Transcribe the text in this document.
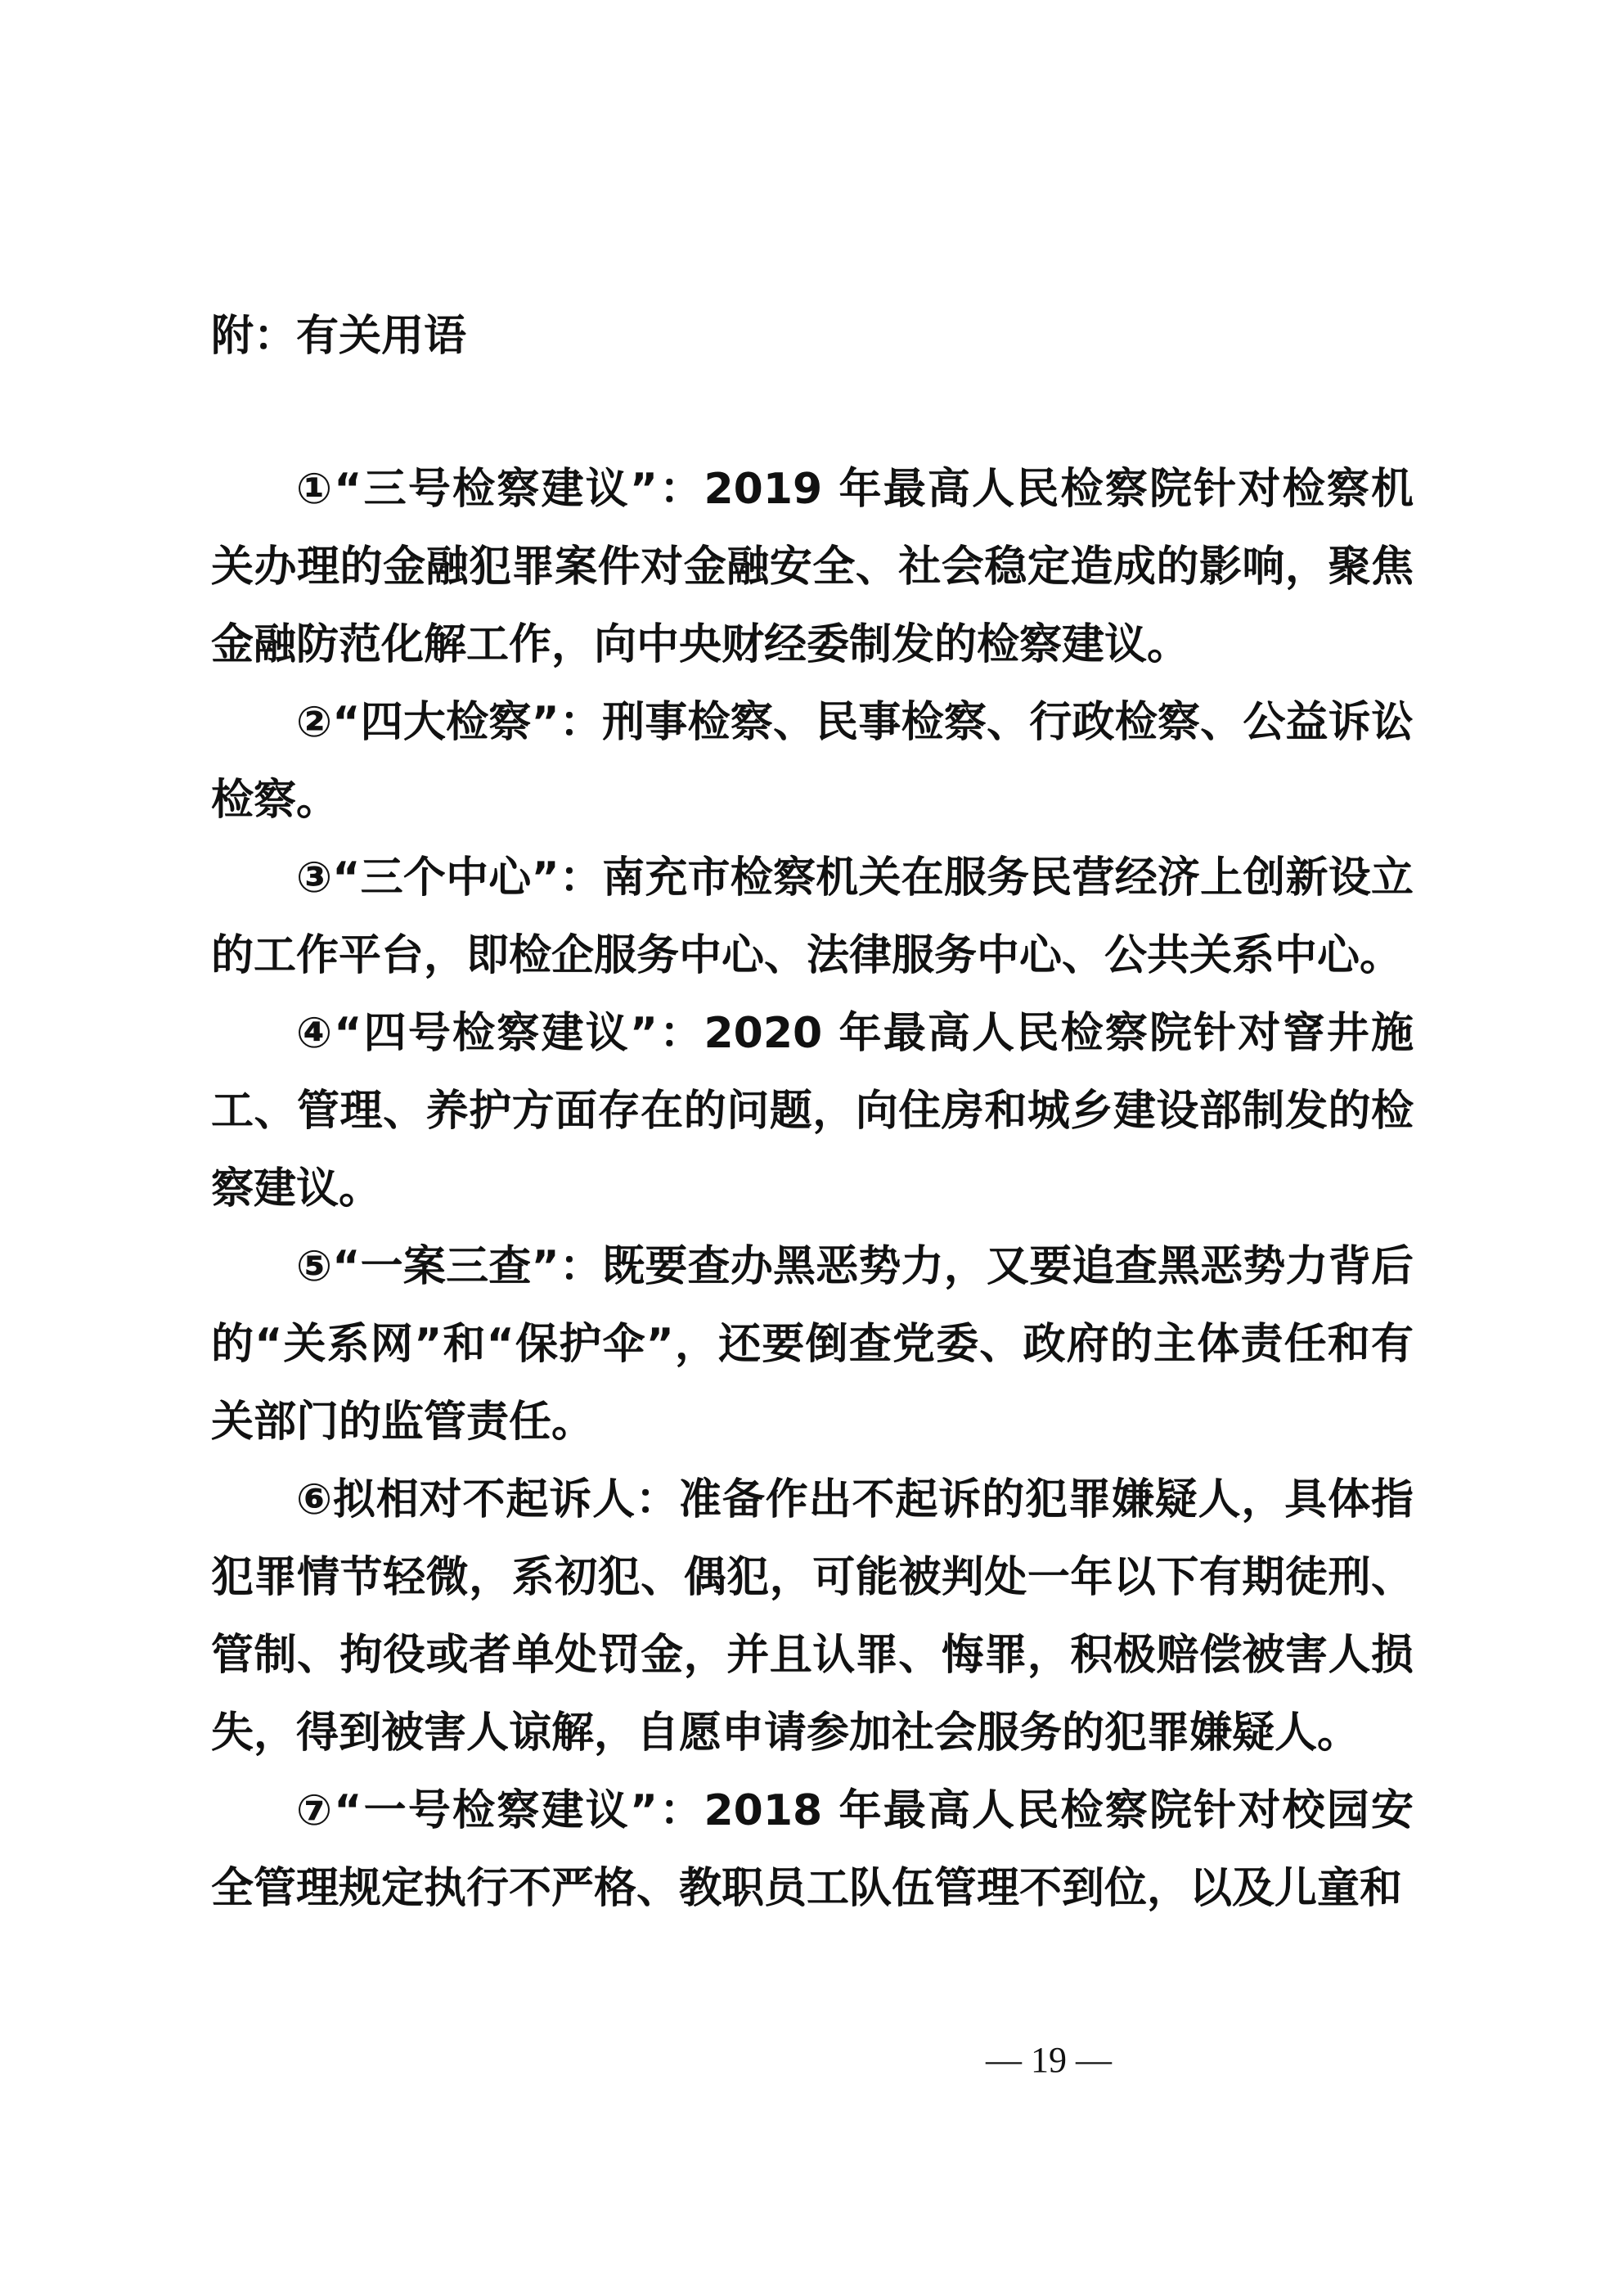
附：有关用语

①“三号检察建议”：2019 年最高人民检察院针对检察机关办理的金融犯罪案件对金融安全、社会稳定造成的影响，聚焦金融防范化解工作，向中央财经委制发的检察建议。

②“四大检察”：刑事检察、民事检察、行政检察、公益诉讼检察。

③“三个中心”：南充市检察机关在服务民营经济上创新设立的工作平台，即检企服务中心、法律服务中心、公共关系中心。

④“四号检察建议”：2020 年最高人民检察院针对窨井施工、管理、养护方面存在的问题，向住房和城乡建设部制发的检察建议。

⑤“一案三查”：既要查办黑恶势力，又要追查黑恶势力背后的“关系网”和“保护伞”，还要倒查党委、政府的主体责任和有关部门的监管责任。

⑥拟相对不起诉人：准备作出不起诉的犯罪嫌疑人，具体指犯罪情节轻微，系初犯、偶犯，可能被判处一年以下有期徒刑、管制、拘役或者单处罚金，并且认罪、悔罪，积极赔偿被害人损失，得到被害人谅解，自愿申请参加社会服务的犯罪嫌疑人。

⑦“一号检察建议”：2018 年最高人民检察院针对校园安全管理规定执行不严格、教职员工队伍管理不到位，以及儿童和

— 19 —
